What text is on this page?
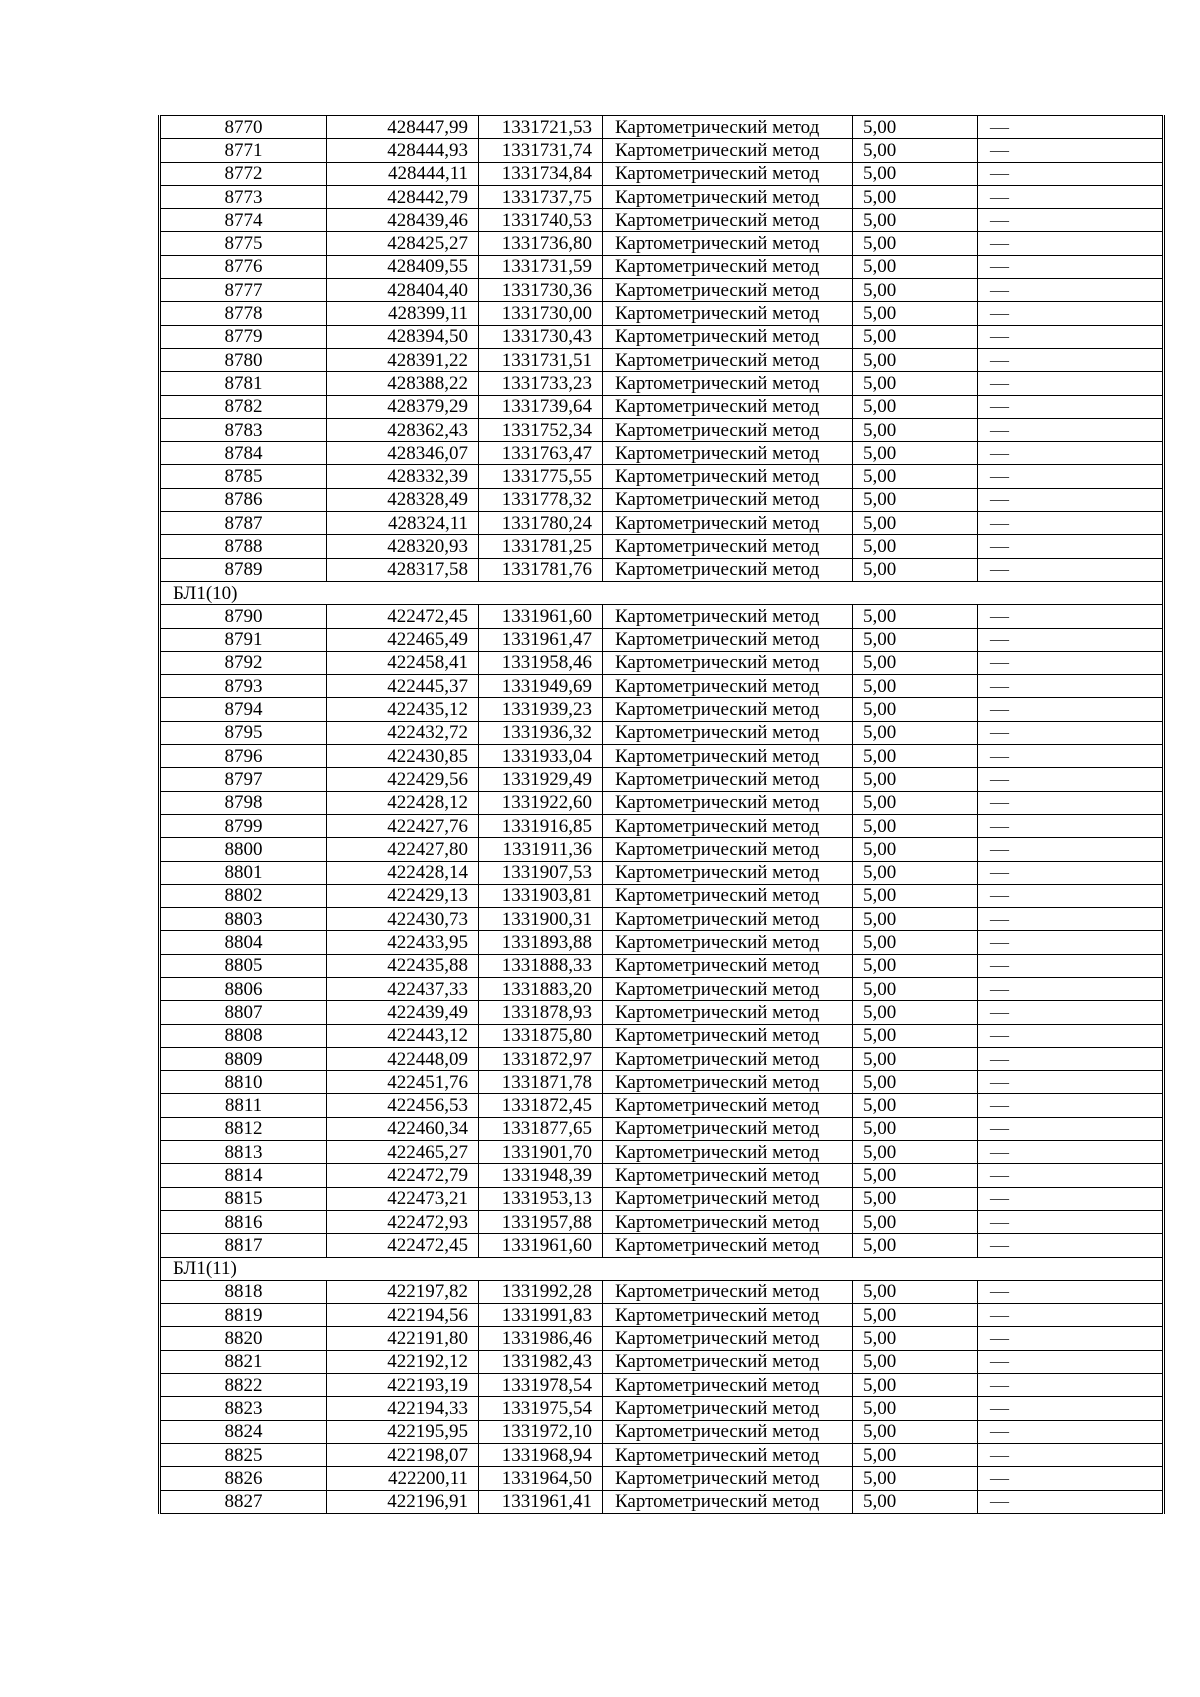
8770	428447,99	1331721,53	Картометрический метод	5,00	—
8771	428444,93	1331731,74	Картометрический метод	5,00	—
8772	428444,11	1331734,84	Картометрический метод	5,00	—
8773	428442,79	1331737,75	Картометрический метод	5,00	—
8774	428439,46	1331740,53	Картометрический метод	5,00	—
8775	428425,27	1331736,80	Картометрический метод	5,00	—
8776	428409,55	1331731,59	Картометрический метод	5,00	—
8777	428404,40	1331730,36	Картометрический метод	5,00	—
8778	428399,11	1331730,00	Картометрический метод	5,00	—
8779	428394,50	1331730,43	Картометрический метод	5,00	—
8780	428391,22	1331731,51	Картометрический метод	5,00	—
8781	428388,22	1331733,23	Картометрический метод	5,00	—
8782	428379,29	1331739,64	Картометрический метод	5,00	—
8783	428362,43	1331752,34	Картометрический метод	5,00	—
8784	428346,07	1331763,47	Картометрический метод	5,00	—
8785	428332,39	1331775,55	Картометрический метод	5,00	—
8786	428328,49	1331778,32	Картометрический метод	5,00	—
8787	428324,11	1331780,24	Картометрический метод	5,00	—
8788	428320,93	1331781,25	Картометрический метод	5,00	—
8789	428317,58	1331781,76	Картометрический метод	5,00	—
БЛ1(10)					
8790	422472,45	1331961,60	Картометрический метод	5,00	—
8791	422465,49	1331961,47	Картометрический метод	5,00	—
8792	422458,41	1331958,46	Картометрический метод	5,00	—
8793	422445,37	1331949,69	Картометрический метод	5,00	—
8794	422435,12	1331939,23	Картометрический метод	5,00	—
8795	422432,72	1331936,32	Картометрический метод	5,00	—
8796	422430,85	1331933,04	Картометрический метод	5,00	—
8797	422429,56	1331929,49	Картометрический метод	5,00	—
8798	422428,12	1331922,60	Картометрический метод	5,00	—
8799	422427,76	1331916,85	Картометрический метод	5,00	—
8800	422427,80	1331911,36	Картометрический метод	5,00	—
8801	422428,14	1331907,53	Картометрический метод	5,00	—
8802	422429,13	1331903,81	Картометрический метод	5,00	—
8803	422430,73	1331900,31	Картометрический метод	5,00	—
8804	422433,95	1331893,88	Картометрический метод	5,00	—
8805	422435,88	1331888,33	Картометрический метод	5,00	—
8806	422437,33	1331883,20	Картометрический метод	5,00	—
8807	422439,49	1331878,93	Картометрический метод	5,00	—
8808	422443,12	1331875,80	Картометрический метод	5,00	—
8809	422448,09	1331872,97	Картометрический метод	5,00	—
8810	422451,76	1331871,78	Картометрический метод	5,00	—
8811	422456,53	1331872,45	Картометрический метод	5,00	—
8812	422460,34	1331877,65	Картометрический метод	5,00	—
8813	422465,27	1331901,70	Картометрический метод	5,00	—
8814	422472,79	1331948,39	Картометрический метод	5,00	—
8815	422473,21	1331953,13	Картометрический метод	5,00	—
8816	422472,93	1331957,88	Картометрический метод	5,00	—
8817	422472,45	1331961,60	Картометрический метод	5,00	—
БЛ1(11)					
8818	422197,82	1331992,28	Картометрический метод	5,00	—
8819	422194,56	1331991,83	Картометрический метод	5,00	—
8820	422191,80	1331986,46	Картометрический метод	5,00	—
8821	422192,12	1331982,43	Картометрический метод	5,00	—
8822	422193,19	1331978,54	Картометрический метод	5,00	—
8823	422194,33	1331975,54	Картометрический метод	5,00	—
8824	422195,95	1331972,10	Картометрический метод	5,00	—
8825	422198,07	1331968,94	Картометрический метод	5,00	—
8826	422200,11	1331964,50	Картометрический метод	5,00	—
8827	422196,91	1331961,41	Картометрический метод	5,00	—
